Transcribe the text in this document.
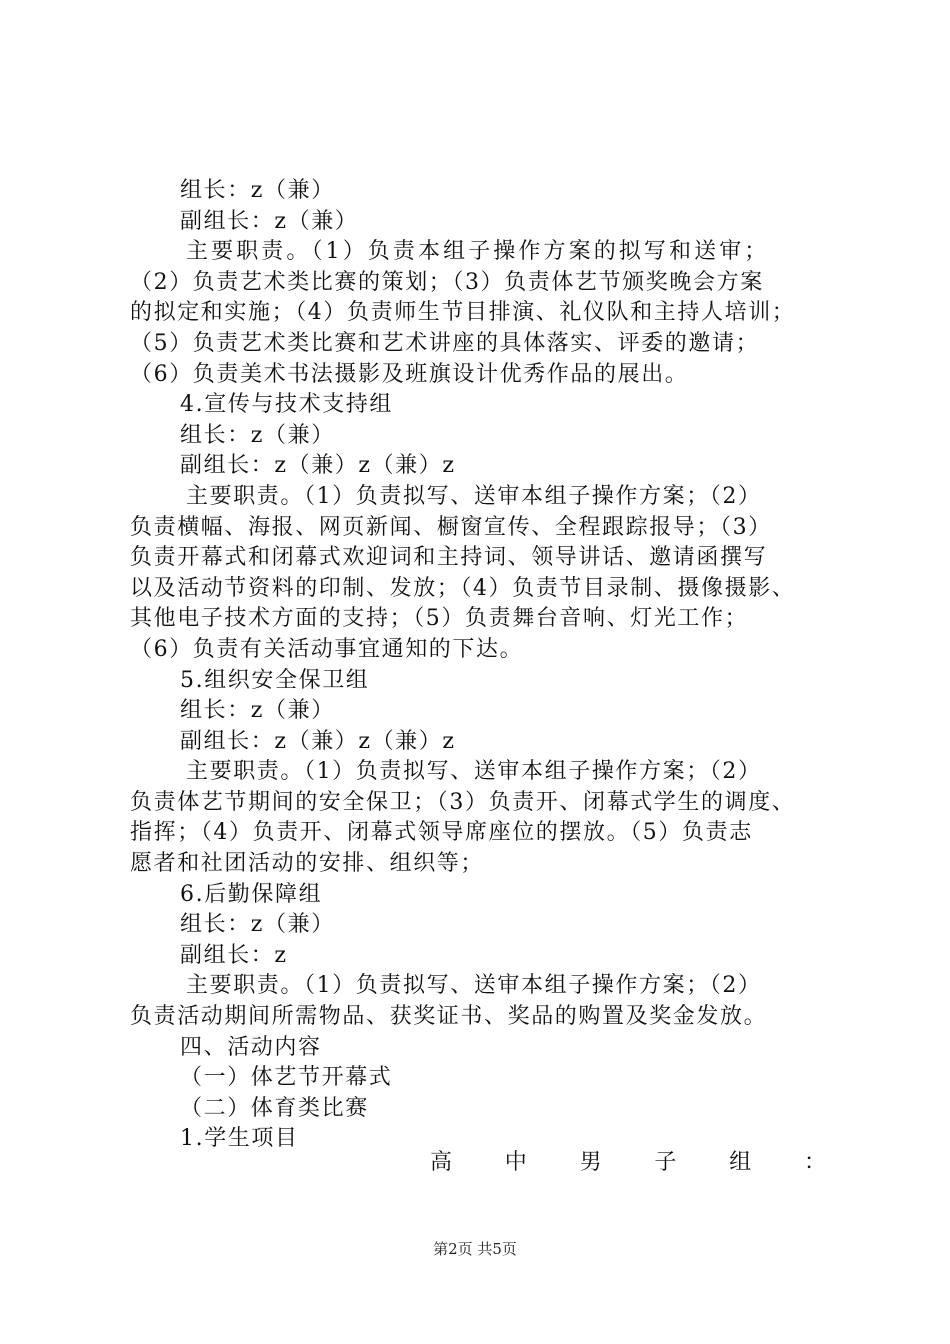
组长：z（兼）
副组长：z（兼）
主要职责。（1）负责本组子操作方案的拟写和送审；
（2）负责艺术类比赛的策划；（3）负责体艺节颁奖晚会方案
的拟定和实施；（4）负责师生节目排演、礼仪队和主持人培训；
（5）负责艺术类比赛和艺术讲座的具体落实、评委的邀请；
（6）负责美术书法摄影及班旗设计优秀作品的展出。
4.宣传与技术支持组
组长：z（兼）
副组长：z（兼）z（兼）z
主要职责。（1）负责拟写、送审本组子操作方案；（2）
负责横幅、海报、网页新闻、橱窗宣传、全程跟踪报导；（3）
负责开幕式和闭幕式欢迎词和主持词、领导讲话、邀请函撰写
以及活动节资料的印制、发放；（4）负责节目录制、摄像摄影、
其他电子技术方面的支持；（5）负责舞台音响、灯光工作；
（6）负责有关活动事宜通知的下达。
5.组织安全保卫组
组长：z（兼）
副组长：z（兼）z（兼）z
主要职责。（1）负责拟写、送审本组子操作方案；（2）
负责体艺节期间的安全保卫；（3）负责开、闭幕式学生的调度、
指挥；（4）负责开、闭幕式领导席座位的摆放。（5）负责志
愿者和社团活动的安排、组织等；
6.后勤保障组
组长：z（兼）
副组长：z
主要职责。（1）负责拟写、送审本组子操作方案；（2）
负责活动期间所需物品、获奖证书、奖品的购置及奖金发放。
四、活动内容
（一）体艺节开幕式
（二）体育类比赛
1.学生项目
高 中 男 子 组 ：
第2页 共5页
